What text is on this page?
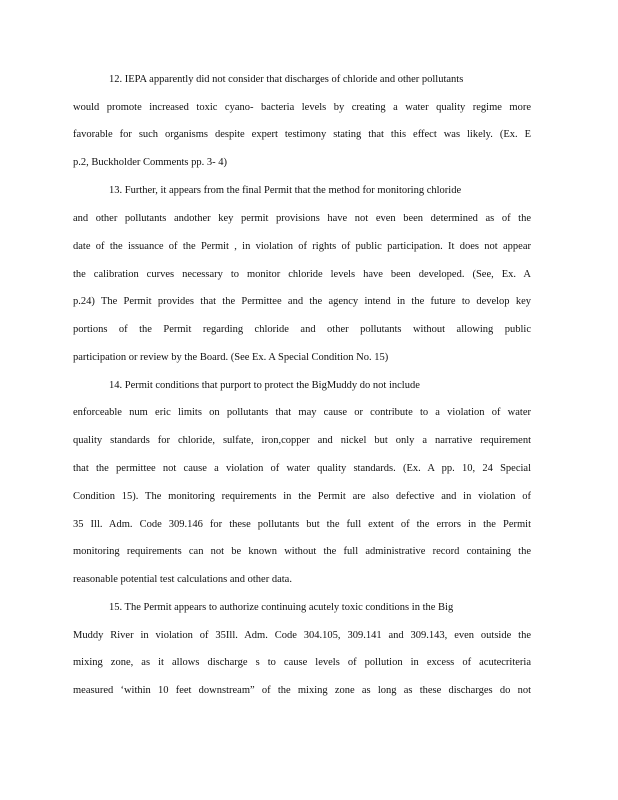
12. IEPA apparently did not consider that discharges of chloride and other pollutants
would promote increased toxic cyano- bacteria levels by creating a water quality regime more
favorable for such organisms despite expert testimony stating that this effect was likely. (Ex. E
p.2, Buckholder Comments pp. 3- 4)
13. Further, it appears from the final Permit that the method for monitoring chloride
and other pollutants andother key permit provisions have not even been determined as of the
date of the issuance of the Permit , in violation of rights of public participation. It does not appear
the calibration curves necessary to monitor chloride levels have been developed. (See, Ex. A
p.24) The Permit provides that the Permittee and the agency intend in the future to develop key
portions of the Permit regarding chloride and other pollutants without allowing public
participation or review by the Board. (See Ex. A Special Condition No. 15)
14. Permit conditions that purport to protect the BigMuddy do not include
enforceable num eric limits on pollutants that may cause or contribute to a violation of water
quality standards for chloride, sulfate, iron,copper and nickel but only a narrative requirement
that the permittee not cause a violation of water quality standards. (Ex. A pp. 10, 24 Special
Condition 15). The monitoring requirements in the Permit are also defective and in violation of
35 Ill. Adm. Code 309.146 for these pollutants but the full extent of the errors in the Permit
monitoring requirements can not be known without the full administrative record containing the
reasonable potential test calculations and other data.
15. The Permit appears to authorize continuing acutely toxic conditions in the Big
Muddy River in violation of 35Ill. Adm. Code 304.105, 309.141 and 309.143, even outside the
mixing zone, as it allows discharge s to cause levels of pollution in excess of acutecriteria
measured ‘within 10 feet downstream” of the mixing zone as long as these discharges do not
